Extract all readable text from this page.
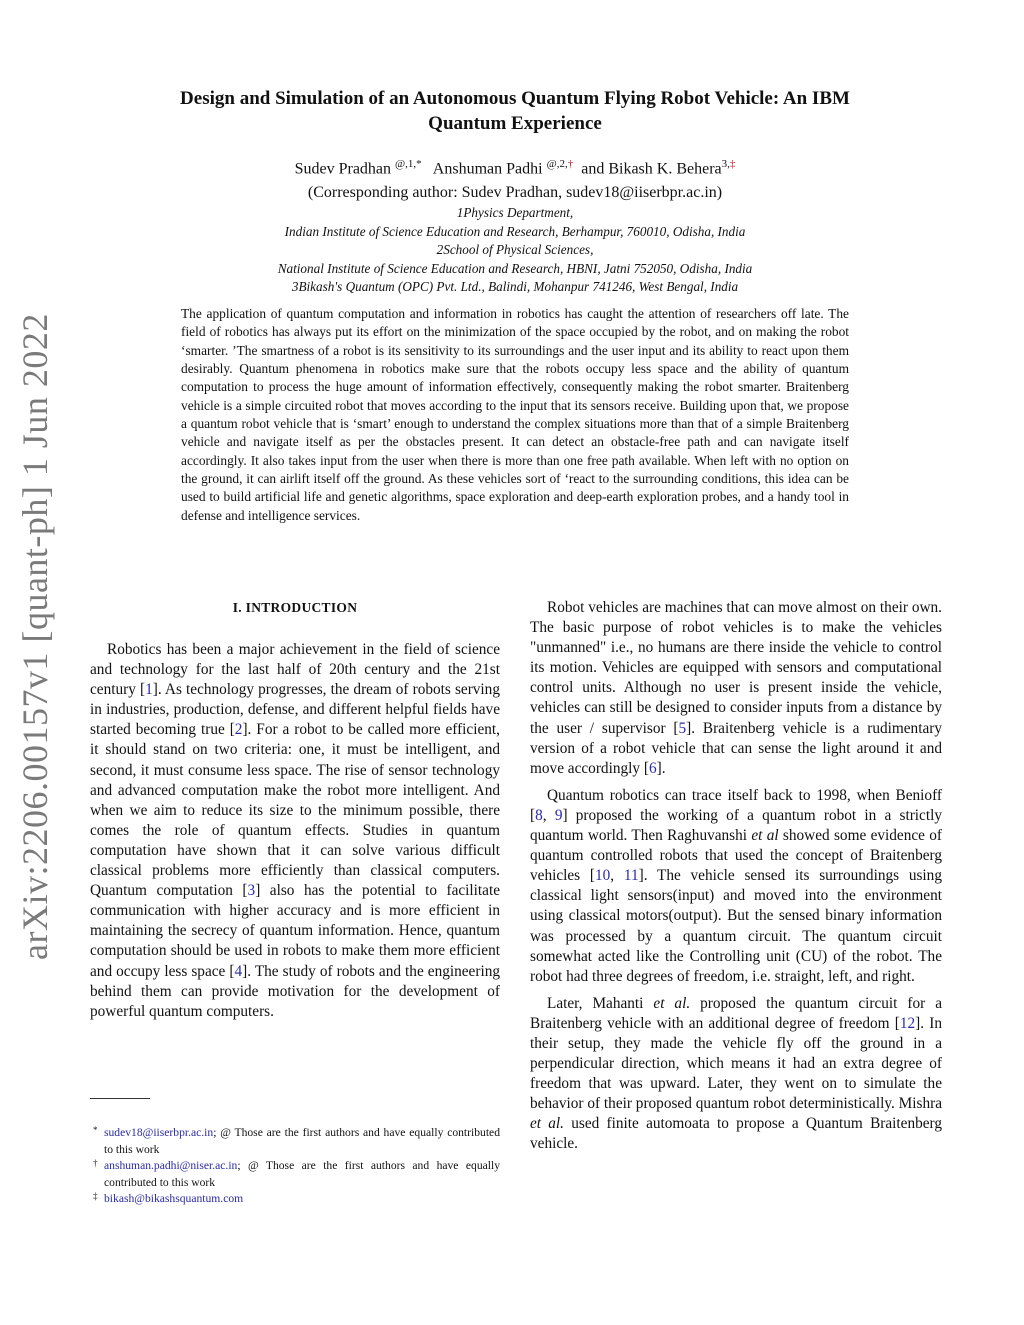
arXiv:2206.00157v1 [quant-ph] 1 Jun 2022
Design and Simulation of an Autonomous Quantum Flying Robot Vehicle: An IBM
Quantum Experience
Sudev Pradhan $^{@,1,*}$ Anshuman Padhi $^{@,2,\dagger}$ and Bikash K. Behera$^{3,\ddagger}$
(Corresponding author: Sudev Pradhan, sudev18@iiserbpr.ac.in)
1Physics Department,
Indian Institute of Science Education and Research, Berhampur, 760010, Odisha, India
2School of Physical Sciences,
National Institute of Science Education and Research, HBNI, Jatni 752050, Odisha, India
3Bikash's Quantum (OPC) Pvt. Ltd., Balindi, Mohanpur 741246, West Bengal, India
The application of quantum computation and information in robotics has caught the attention of researchers off late. The field of robotics has always put its effort on the minimization of the space occupied by the robot, and on making the robot ‘smarter. ’The smartness of a robot is its sensitivity to its surroundings and the user input and its ability to react upon them desirably. Quantum phenomena in robotics make sure that the robots occupy less space and the ability of quantum computation to process the huge amount of information effectively, consequently making the robot smarter. Braitenberg vehicle is a simple circuited robot that moves according to the input that its sensors receive. Building upon that, we propose a quantum robot vehicle that is ‘smart’ enough to understand the complex situations more than that of a simple Braitenberg vehicle and navigate itself as per the obstacles present. It can detect an obstacle-free path and can navigate itself accordingly. It also takes input from the user when there is more than one free path available. When left with no option on the ground, it can airlift itself off the ground. As these vehicles sort of ‘react to the surrounding conditions, this idea can be used to build artificial life and genetic algorithms, space exploration and deep-earth exploration probes, and a handy tool in defense and intelligence services.
I. INTRODUCTION

Robotics has been a major achievement in the field of science and technology for the last half of 20th century and the 21st century [1]. As technology progresses, the dream of robots serving in industries, production, defense, and different helpful fields have started becoming true [2]. For a robot to be called more efficient, it should stand on two criteria: one, it must be intelligent, and second, it must consume less space. The rise of sensor technology and advanced computation make the robot more intelligent. And when we aim to reduce its size to the minimum possible, there comes the role of quantum effects. Studies in quantum computation have shown that it can solve various difficult classical problems more efficiently than classical computers. Quantum computation [3] also has the potential to facilitate communication with higher accuracy and is more efficient in maintaining the secrecy of quantum information. Hence, quantum computation should be used in robots to make them more efficient and occupy less space [4]. The study of robots and the engineering behind them can provide motivation for the development of powerful quantum computers.

Robot vehicles are machines that can move almost on their own. The basic purpose of robot vehicles is to make the vehicles "unmanned" i.e., no humans are there inside the vehicle to control its motion. Vehicles are equipped with sensors and computational control units. Although no user is present inside the vehicle, vehicles can still be designed to consider inputs from a distance by the user / supervisor [5]. Braitenberg vehicle is a rudimentary version of a robot vehicle that can sense the light around it and move accordingly [6].

Quantum robotics can trace itself back to 1998, when Benioff [8, 9] proposed the working of a quantum robot in a strictly quantum world. Then Raghuvanshi et al showed some evidence of quantum controlled robots that used the concept of Braitenberg vehicles [10, 11]. The vehicle sensed its surroundings using classical light sensors(input) and moved into the environment using classical motors(output). But the sensed binary information was processed by a quantum circuit. The quantum circuit somewhat acted like the Controlling unit (CU) of the robot. The robot had three degrees of freedom, i.e. straight, left, and right.

Later, Mahanti et al. proposed the quantum circuit for a Braitenberg vehicle with an additional degree of freedom [12]. In their setup, they made the vehicle fly off the ground in a perpendicular direction, which means it had an extra degree of freedom that was upward. Later, they went on to simulate the behavior of their proposed quantum robot deterministically. Mishra et al. used finite automoata to propose a Quantum Braitenberg vehicle.

* sudev18@iiserbpr.ac.in; @ Those are the first authors and have equally contributed to this work
† anshuman.padhi@niser.ac.in; @ Those are the first authors and have equally contributed to this work
‡ bikash@bikashsquantum.com
